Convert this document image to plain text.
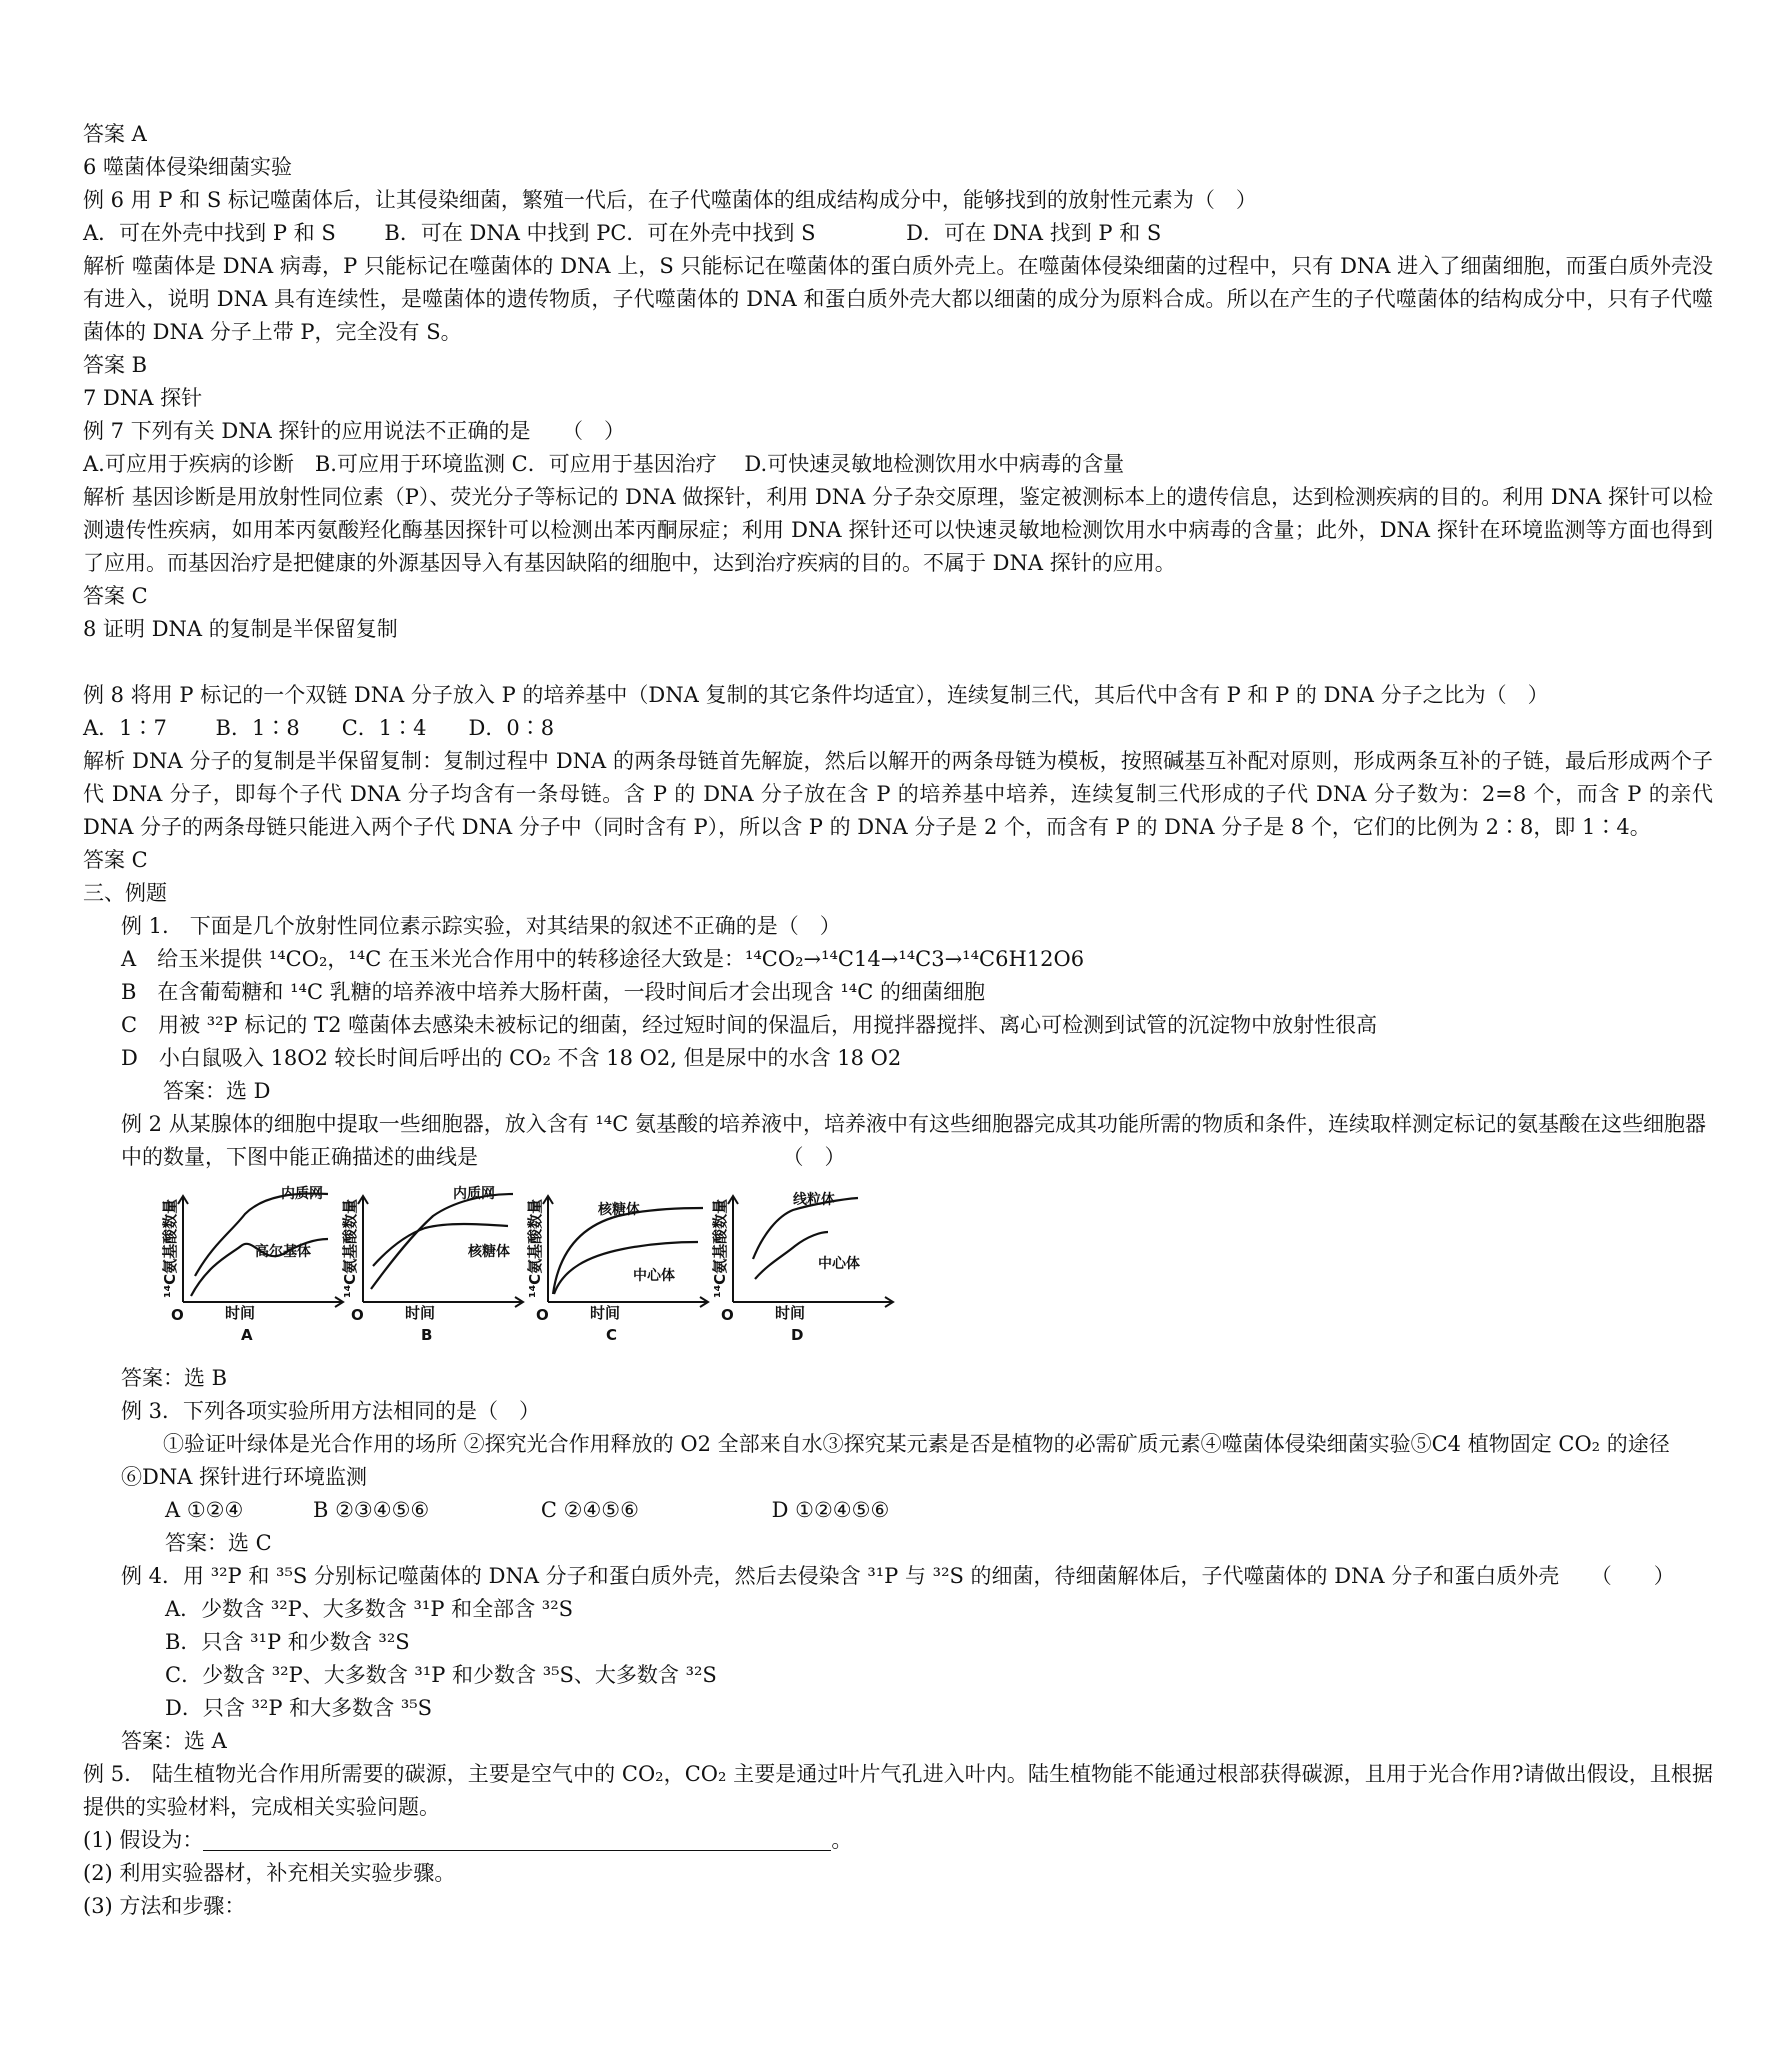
答案 A
6 噬菌体侵染细菌实验
例 6 用 P 和 S 标记噬菌体后，让其侵染细菌，繁殖一代后，在子代噬菌体的组成结构成分中，能够找到的放射性元素为（　）
A．可在外壳中找到 P 和 S　　 B．可在 DNA 中找到 PC．可在外壳中找到 S　　　　 D．可在 DNA 找到 P 和 S
解析 噬菌体是 DNA 病毒，P 只能标记在噬菌体的 DNA 上，S 只能标记在噬菌体的蛋白质外壳上。在噬菌体侵染细菌的过程中，只有 DNA 进入了细菌细胞，而蛋白质外壳没有进入，说明 DNA 具有连续性，是噬菌体的遗传物质，子代噬菌体的 DNA 和蛋白质外壳大都以细菌的成分为原料合成。所以在产生的子代噬菌体的结构成分中，只有子代噬菌体的 DNA 分子上带 P，完全没有 S。
答案 B
7 DNA 探针
例 7 下列有关 DNA 探针的应用说法不正确的是　　（　）
A.可应用于疾病的诊断　B.可应用于环境监测 C．可应用于基因治疗　 D.可快速灵敏地检测饮用水中病毒的含量
解析 基因诊断是用放射性同位素（P）、荧光分子等标记的 DNA 做探针，利用 DNA 分子杂交原理，鉴定被测标本上的遗传信息，达到检测疾病的目的。利用 DNA 探针可以检测遗传性疾病，如用苯丙氨酸羟化酶基因探针可以检测出苯丙酮尿症；利用 DNA 探针还可以快速灵敏地检测饮用水中病毒的含量；此外，DNA 探针在环境监测等方面也得到了应用。而基因治疗是把健康的外源基因导入有基因缺陷的细胞中，达到治疗疾病的目的。不属于 DNA 探针的应用。
答案 C
8 证明 DNA 的复制是半保留复制
例 8 将用 P 标记的一个双链 DNA 分子放入 P 的培养基中（DNA 复制的其它条件均适宜），连续复制三代，其后代中含有 P 和 P 的 DNA 分子之比为（　）
A．1∶7　　 B．1∶8　　C．1∶4　　D．0∶8
解析 DNA 分子的复制是半保留复制：复制过程中 DNA 的两条母链首先解旋，然后以解开的两条母链为模板，按照碱基互补配对原则，形成两条互补的子链，最后形成两个子代 DNA 分子，即每个子代 DNA 分子均含有一条母链。含 P 的 DNA 分子放在含 P 的培养基中培养，连续复制三代形成的子代 DNA 分子数为：2=8 个，而含 P 的亲代 DNA 分子的两条母链只能进入两个子代 DNA 分子中（同时含有 P），所以含 P 的 DNA 分子是 2 个，而含有 P 的 DNA 分子是 8 个，它们的比例为 2∶8，即 1∶4。
答案 C
三、例题
例 1.　下面是几个放射性同位素示踪实验，对其结果的叙述不正确的是（　）
A　给玉米提供 ¹⁴CO₂，¹⁴C 在玉米光合作用中的转移途径大致是：¹⁴CO₂→¹⁴C14→¹⁴C3→¹⁴C6H12O6
B　在含葡萄糖和 ¹⁴C 乳糖的培养液中培养大肠杆菌，一段时间后才会出现含 ¹⁴C 的细菌细胞
C　用被 ³²P 标记的 T2 噬菌体去感染未被标记的细菌，经过短时间的保温后，用搅拌器搅拌、离心可检测到试管的沉淀物中放射性很高
D　小白鼠吸入 18O2 较长时间后呼出的 CO₂ 不含 18 O2, 但是尿中的水含 18 O2
答案：选 D
例 2 从某腺体的细胞中提取一些细胞器，放入含有 ¹⁴C 氨基酸的培养液中，培养液中有这些细胞器完成其功能所需的物质和条件，连续取样测定标记的氨基酸在这些细胞器中的数量，下图中能正确描述的曲线是　　　　　　　　　　　　　　　（　）
内质网
高尔基体
¹⁴C氨基酸数量
O	时间
A
内质网
核糖体
¹⁴C氨基酸数量
O	时间
B
核糖体
中心体
¹⁴C氨基酸数量
O	时间
C
线粒体
中心体
¹⁴C氨基酸数量
O	时间
D
答案：选 B
例 3．下列各项实验所用方法相同的是（　）
①验证叶绿体是光合作用的场所 ②探究光合作用释放的 O2 全部来自水③探究某元素是否是植物的必需矿质元素④噬菌体侵染细菌实验⑤C4 植物固定 CO₂ 的途径⑥DNA 探针进行环境监测
A ①②④　　　 B ②③④⑤⑥　　　　　 C ②④⑤⑥　　　　　　 D ①②④⑤⑥
答案：选 C
例 4．用 ³²P 和 ³⁵S 分别标记噬菌体的 DNA 分子和蛋白质外壳，然后去侵染含 ³¹P 与 ³²S 的细菌，待细菌解体后，子代噬菌体的 DNA 分子和蛋白质外壳　　（　　）
A．少数含 ³²P、大多数含 ³¹P 和全部含 ³²S
B．只含 ³¹P 和少数含 ³²S
C．少数含 ³²P、大多数含 ³¹P 和少数含 ³⁵S、大多数含 ³²S
D．只含 ³²P 和大多数含 ³⁵S
答案：选 A
例 5.　陆生植物光合作用所需要的碳源，主要是空气中的 CO₂，CO₂ 主要是通过叶片气孔进入叶内。陆生植物能不能通过根部获得碳源，且用于光合作用?请做出假设，且根据提供的实验材料，完成相关实验问题。
(1) 假设为：	。
(2) 利用实验器材，补充相关实验步骤。
(3) 方法和步骤：
